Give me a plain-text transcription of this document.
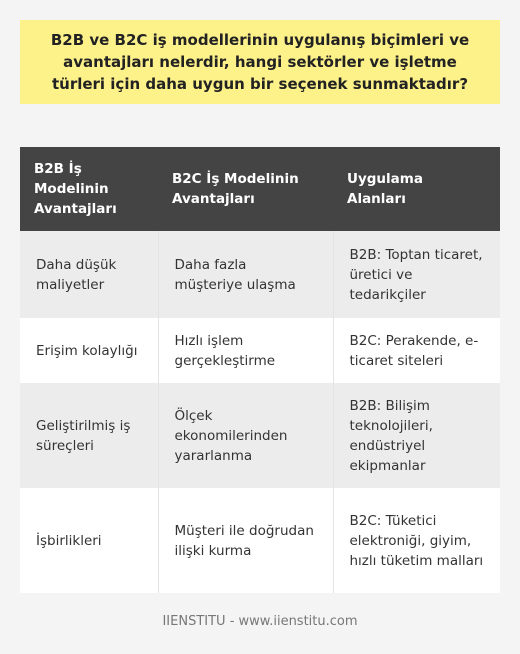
B2B ve B2C iş modellerinin uygulanış biçimleri ve avantajları nelerdir, hangi sektörler ve işletme türleri için daha uygun bir seçenek sunmaktadır?
B2B İş Modelinin Avantajları	B2C İş Modelinin Avantajları	Uygulama Alanları
Daha düşük maliyetler	Daha fazla müşteriye ulaşma	B2B: Toptan ticaret, üretici ve tedarikçiler
Erişim kolaylığı	Hızlı işlem gerçekleştirme	B2C: Perakende, e-ticaret siteleri
Geliştirilmiş iş süreçleri	Ölçek ekonomilerinden yararlanma	B2B: Bilişim teknolojileri, endüstriyel ekipmanlar
İşbirlikleri	Müşteri ile doğrudan ilişki kurma	B2C: Tüketici elektroniği, giyim, hızlı tüketim malları
IIENSTITU - www.iienstitu.com
